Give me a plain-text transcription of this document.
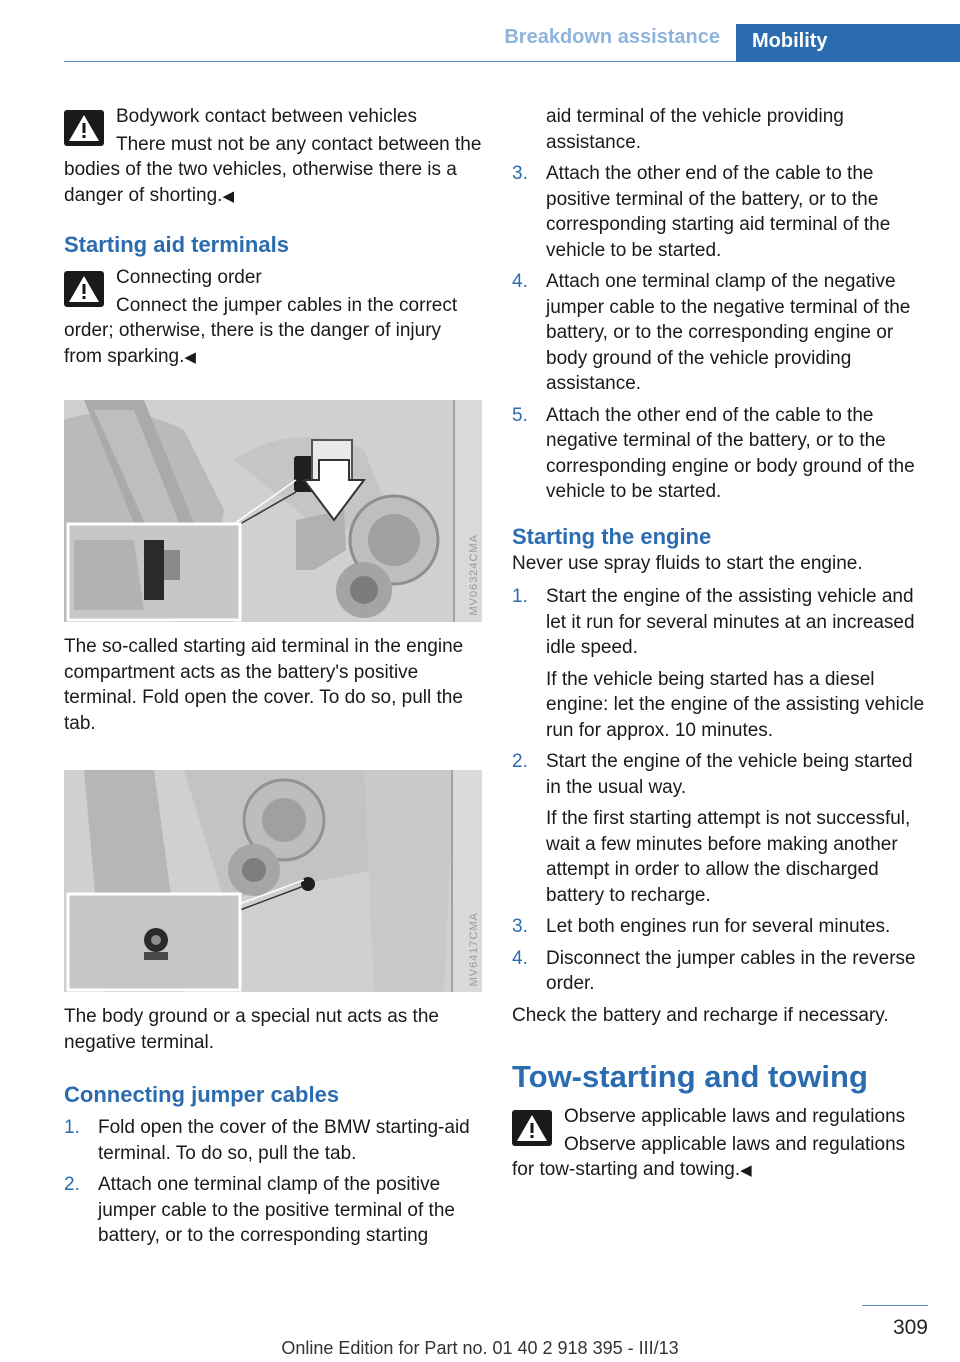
Breakdown assistance	Mobility
Bodywork contact between vehicles
There must not be any contact between the bodies of the two vehicles, otherwise there is a danger of shorting.◀
Starting aid terminals
Connecting order
Connect the jumper cables in the correct order; otherwise, there is the danger of injury from sparking.◀
MV06324CMA

The so-called starting aid terminal in the engine compartment acts as the battery's positive terminal. Fold open the cover. To do so, pull the tab.

MV6417CMA

The body ground or a special nut acts as the negative terminal.

Connecting jumper cables
1. Fold open the cover of the BMW starting-aid terminal. To do so, pull the tab.
2. Attach one terminal clamp of the positive jumper cable to the positive terminal of the battery, or to the corresponding starting
aid terminal of the vehicle providing assistance.
3. Attach the other end of the cable to the positive terminal of the battery, or to the corresponding starting aid terminal of the vehicle to be started.
4. Attach one terminal clamp of the negative jumper cable to the negative terminal of the battery, or to the corresponding engine or body ground of the vehicle providing assistance.
5. Attach the other end of the cable to the negative terminal of the battery, or to the corresponding engine or body ground of the vehicle to be started.
Starting the engine

Never use spray fluids to start the engine.

1. Start the engine of the assisting vehicle and let it run for several minutes at an increased idle speed.
If the vehicle being started has a diesel engine: let the engine of the assisting vehicle run for approx. 10 minutes.
2. Start the engine of the vehicle being started in the usual way.
If the first starting attempt is not successful, wait a few minutes before making another attempt in order to allow the discharged battery to recharge.
3. Let both engines run for several minutes.
4. Disconnect the jumper cables in the reverse order.

Check the battery and recharge if necessary.

Tow-starting and towing
Observe applicable laws and regulations
Observe applicable laws and regulations for tow-starting and towing.◀
309
Online Edition for Part no. 01 40 2 918 395 - III/13
